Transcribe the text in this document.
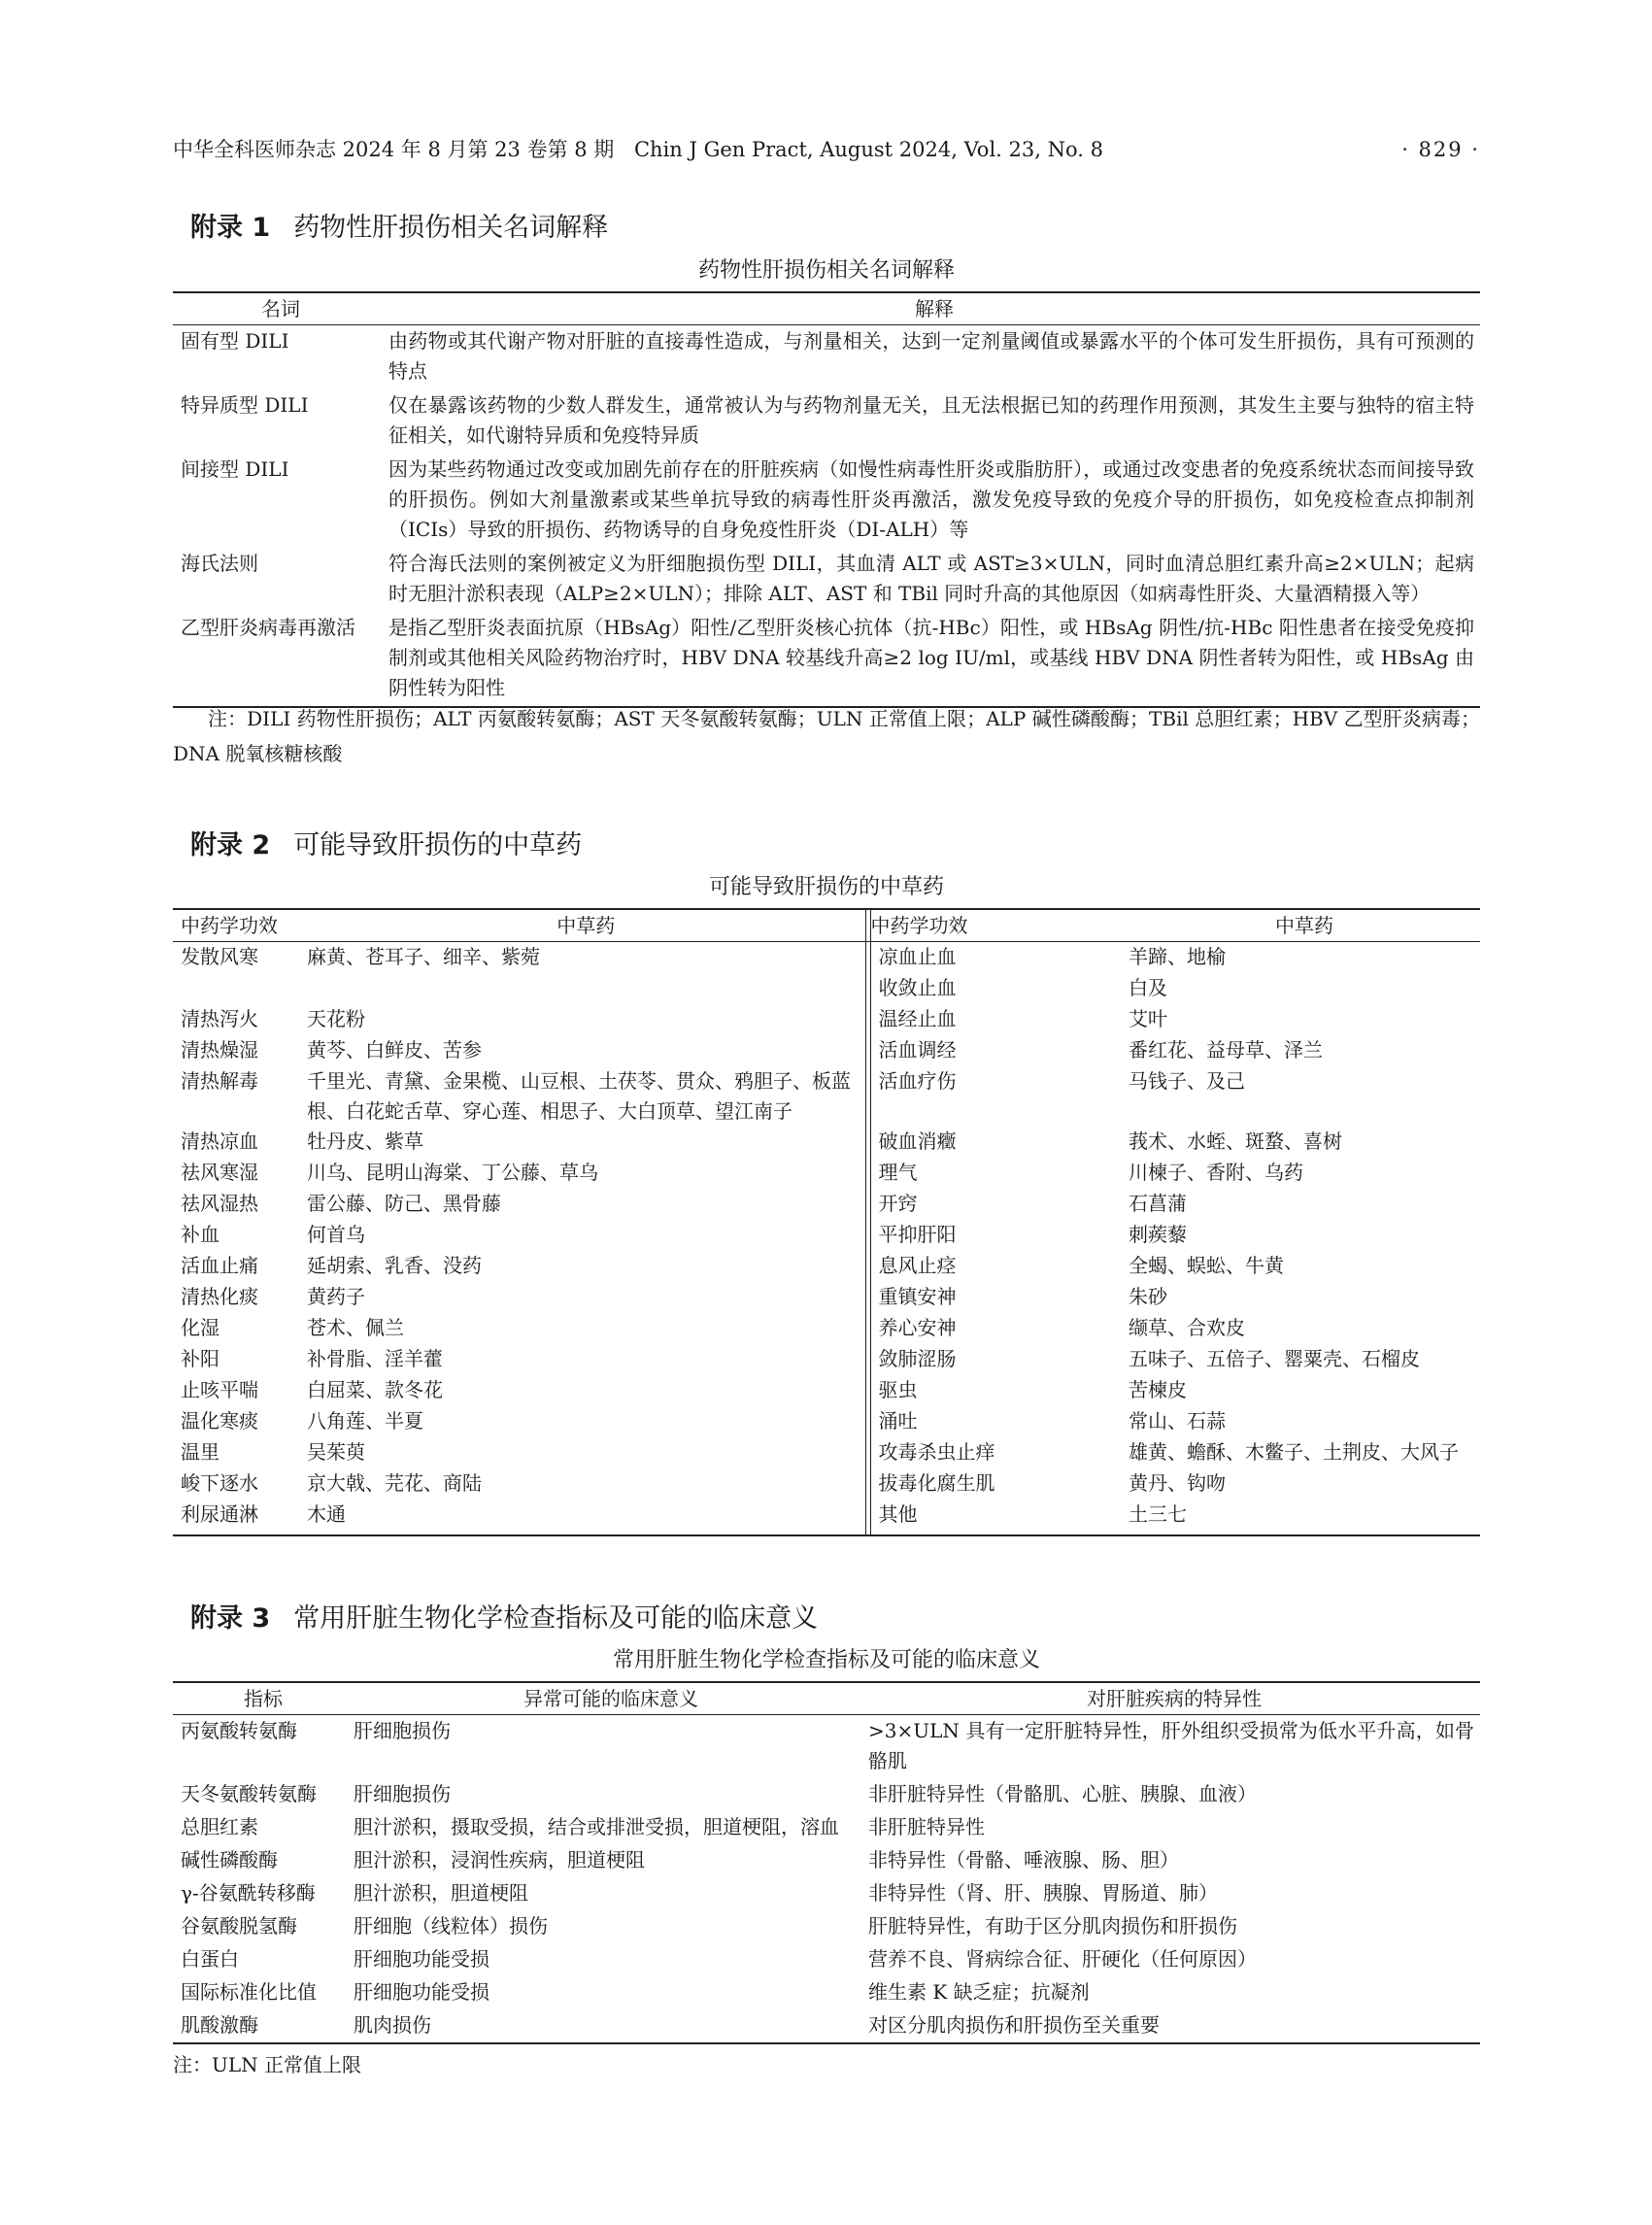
中华全科医师杂志 2024 年 8 月第 23 卷第 8 期 Chin J Gen Pract, August 2024, Vol. 23, No. 8	· 829 ·
附录 1 药物性肝损伤相关名词解释
药物性肝损伤相关名词解释
名词	解释
固有型 DILI	由药物或其代谢产物对肝脏的直接毒性造成，与剂量相关，达到一定剂量阈值或暴露水平的个体可发生肝损伤，具有可预测的特点
特异质型 DILI	仅在暴露该药物的少数人群发生，通常被认为与药物剂量无关，且无法根据已知的药理作用预测，其发生主要与独特的宿主特征相关，如代谢特异质和免疫特异质
间接型 DILI	因为某些药物通过改变或加剧先前存在的肝脏疾病（如慢性病毒性肝炎或脂肪肝），或通过改变患者的免疫系统状态而间接导致的肝损伤。例如大剂量激素或某些单抗导致的病毒性肝炎再激活，激发免疫导致的免疫介导的肝损伤，如免疫检查点抑制剂（ICIs）导致的肝损伤、药物诱导的自身免疫性肝炎（DI-ALH）等
海氏法则	符合海氏法则的案例被定义为肝细胞损伤型 DILI，其血清 ALT 或 AST≥3×ULN，同时血清总胆红素升高≥2×ULN；起病时无胆汁淤积表现（ALP≥2×ULN）；排除 ALT、AST 和 TBil 同时升高的其他原因（如病毒性肝炎、大量酒精摄入等）
乙型肝炎病毒再激活	是指乙型肝炎表面抗原（HBsAg）阳性/乙型肝炎核心抗体（抗-HBc）阳性，或 HBsAg 阴性/抗-HBc 阳性患者在接受免疫抑制剂或其他相关风险药物治疗时，HBV DNA 较基线升高≥2 log IU/ml，或基线 HBV DNA 阴性者转为阳性，或 HBsAg 由阴性转为阳性
注：DILI 药物性肝损伤；ALT 丙氨酸转氨酶；AST 天冬氨酸转氨酶；ULN 正常值上限；ALP 碱性磷酸酶；TBil 总胆红素；HBV 乙型肝炎病毒；DNA 脱氧核糖核酸
附录 2 可能导致肝损伤的中草药
可能导致肝损伤的中草药
中药学功效	中草药		中药学功效	中草药
发散风寒	麻黄、苍耳子、细辛、紫菀		凉血止血	羊蹄、地榆
			收敛止血	白及
清热泻火	天花粉		温经止血	艾叶
清热燥湿	黄芩、白鲜皮、苦参		活血调经	番红花、益母草、泽兰
清热解毒	千里光、青黛、金果榄、山豆根、土茯苓、贯众、鸦胆子、板蓝根、白花蛇舌草、穿心莲、相思子、大白顶草、望江南子		活血疗伤	马钱子、及己
清热凉血	牡丹皮、紫草		破血消癥	莪术、水蛭、斑蝥、喜树
祛风寒湿	川乌、昆明山海棠、丁公藤、草乌		理气	川楝子、香附、乌药
祛风湿热	雷公藤、防己、黑骨藤		开窍	石菖蒲
补血	何首乌		平抑肝阳	刺蒺藜
活血止痛	延胡索、乳香、没药		息风止痉	全蝎、蜈蚣、牛黄
清热化痰	黄药子		重镇安神	朱砂
化湿	苍术、佩兰		养心安神	缬草、合欢皮
补阳	补骨脂、淫羊藿		敛肺涩肠	五味子、五倍子、罂粟壳、石榴皮
止咳平喘	白屈菜、款冬花		驱虫	苦楝皮
温化寒痰	八角莲、半夏		涌吐	常山、石蒜
温里	吴茱萸		攻毒杀虫止痒	雄黄、蟾酥、木鳖子、土荆皮、大风子
峻下逐水	京大戟、芫花、商陆		拔毒化腐生肌	黄丹、钩吻
利尿通淋	木通		其他	土三七

附录 3 常用肝脏生物化学检查指标及可能的临床意义
常用肝脏生物化学检查指标及可能的临床意义
指标	异常可能的临床意义	对肝脏疾病的特异性
丙氨酸转氨酶	肝细胞损伤	>3×ULN 具有一定肝脏特异性，肝外组织受损常为低水平升高，如骨骼肌
天冬氨酸转氨酶	肝细胞损伤	非肝脏特异性（骨骼肌、心脏、胰腺、血液）
总胆红素	胆汁淤积，摄取受损，结合或排泄受损，胆道梗阻，溶血	非肝脏特异性
碱性磷酸酶	胆汁淤积，浸润性疾病，胆道梗阻	非特异性（骨骼、唾液腺、肠、胆）
γ-谷氨酰转移酶	胆汁淤积，胆道梗阻	非特异性（肾、肝、胰腺、胃肠道、肺）
谷氨酸脱氢酶	肝细胞（线粒体）损伤	肝脏特异性，有助于区分肌肉损伤和肝损伤
白蛋白	肝细胞功能受损	营养不良、肾病综合征、肝硬化（任何原因）
国际标准化比值	肝细胞功能受损	维生素 K 缺乏症；抗凝剂
肌酸激酶	肌肉损伤	对区分肌肉损伤和肝损伤至关重要
注：ULN 正常值上限
